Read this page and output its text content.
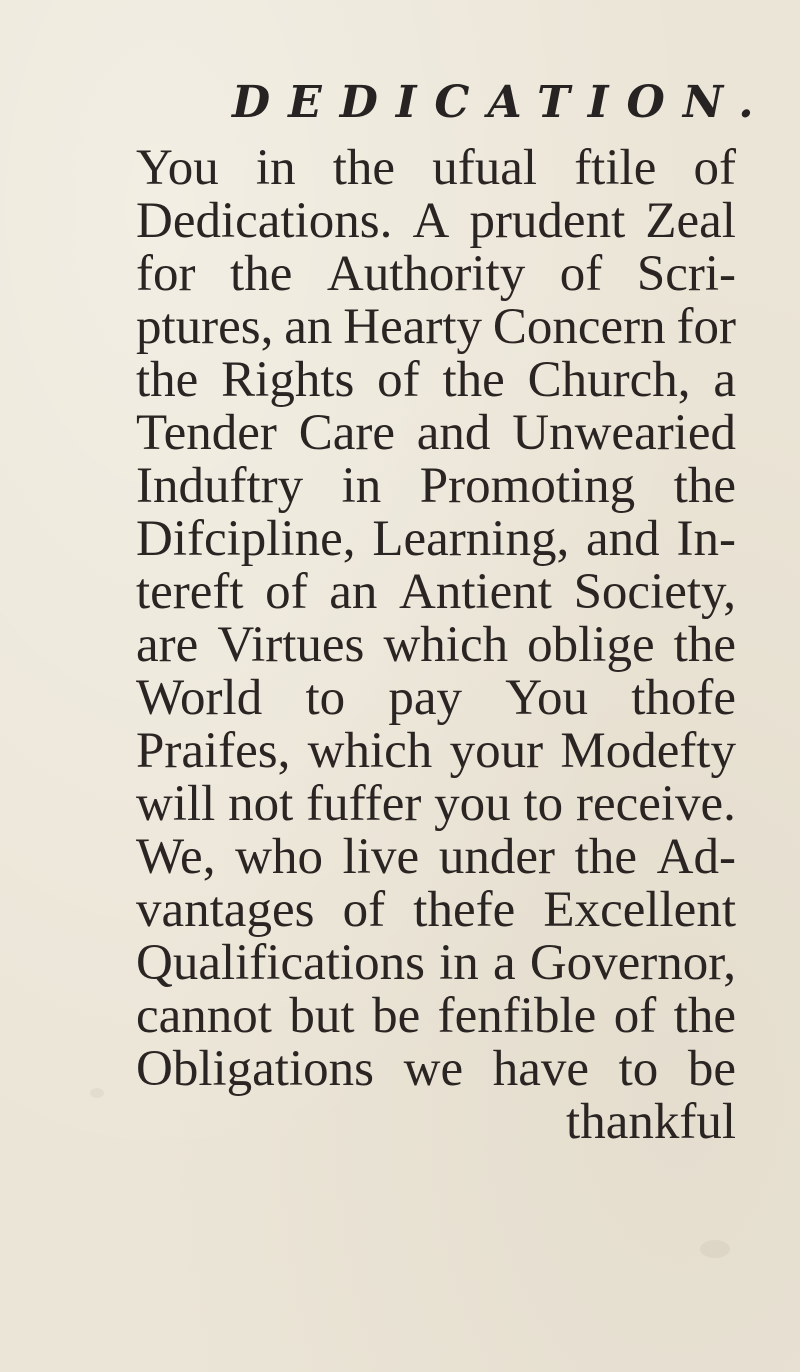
DEDICATION.
You in the ufual ftile of
Dedications. A prudent Zeal
for the Authority of Scri-
ptures, an Hearty Concern for
the Rights of the Church, a
Tender Care and Unwearied
Induftry in Promoting the
Difcipline, Learning, and In-
tereft of an Antient Society,
are Virtues which oblige the
World to pay You thofe
Praifes, which your Modefty
will not fuffer you to receive.
We, who live under the Ad-
vantages of thefe Excellent
Qualifications in a Governor,
cannot but be fenfible of the
Obligations we have to be
thankful
